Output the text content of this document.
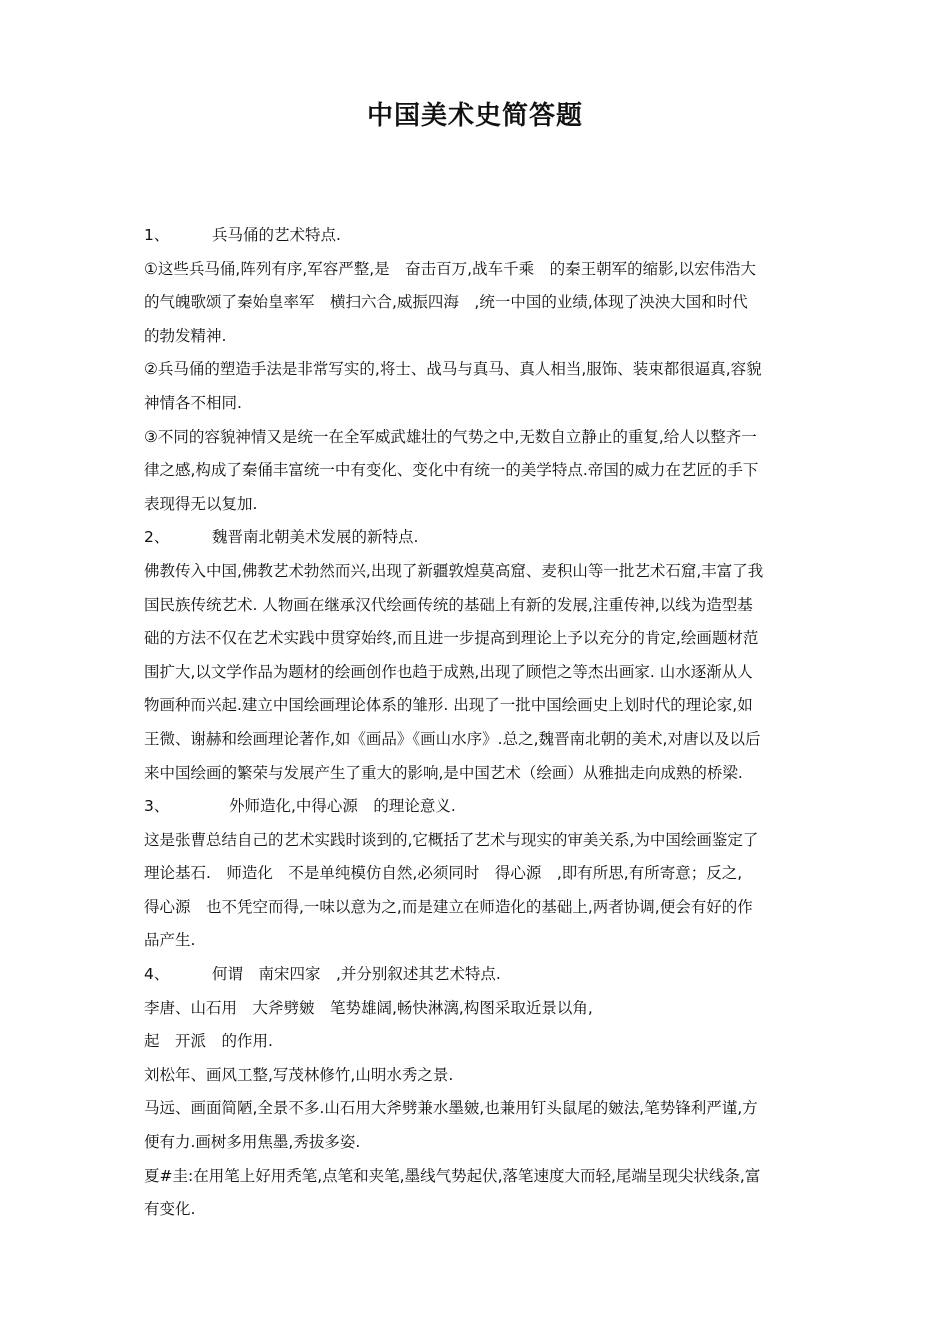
中国美术史简答题
1、	兵马俑的艺术特点.
①这些兵马俑,阵列有序,军容严整,是　奋击百万,战车千乘　的秦王朝军的缩影,以宏伟浩大
的气魄歌颂了秦始皇率军　横扫六合,威振四海　,统一中国的业绩,体现了泱泱大国和时代
的勃发精神.
②兵马俑的塑造手法是非常写实的,将士、战马与真马、真人相当,服饰、装束都很逼真,容貌
神情各不相同.
③不同的容貌神情又是统一在全军威武雄壮的气势之中,无数自立静止的重复,给人以整齐一
律之感,构成了秦俑丰富统一中有变化、变化中有统一的美学特点.帝国的威力在艺匠的手下
表现得无以复加.
2、	魏晋南北朝美术发展的新特点.
佛教传入中国,佛教艺术勃然而兴,出现了新疆敦煌莫高窟、麦积山等一批艺术石窟,丰富了我
国民族传统艺术. 人物画在继承汉代绘画传统的基础上有新的发展,注重传神,以线为造型基
础的方法不仅在艺术实践中贯穿始终,而且进一步提高到理论上予以充分的肯定,绘画题材范
围扩大,以文学作品为题材的绘画创作也趋于成熟,出现了顾恺之等杰出画家. 山水逐渐从人
物画种而兴起.建立中国绘画理论体系的雏形. 出现了一批中国绘画史上划时代的理论家,如
王微、谢赫和绘画理论著作,如《画品》《画山水序》.总之,魏晋南北朝的美术,对唐以及以后
来中国绘画的繁荣与发展产生了重大的影响,是中国艺术（绘画）从雅拙走向成熟的桥梁.
3、	外师造化,中得心源　的理论意义.
这是张曹总结自己的艺术实践时谈到的,它概括了艺术与现实的审美关系,为中国绘画鉴定了
理论基石.　师造化　不是单纯模仿自然,必须同时　得心源　,即有所思,有所寄意；反之,
得心源　也不凭空而得,一味以意为之,而是建立在师造化的基础上,两者协调,便会有好的作
品产生.
4、	何谓　南宋四家　,并分别叙述其艺术特点.
李唐、山石用　大斧劈皴　笔势雄阔,畅快淋漓,构图采取近景以角,
起　开派　的作用.
刘松年、画风工整,写茂林修竹,山明水秀之景.
马远、画面简陋,全景不多.山石用大斧劈兼水墨皴,也兼用钉头鼠尾的皴法,笔势锋利严谨,方
便有力.画树多用焦墨,秀拔多姿.
夏#圭:在用笔上好用秃笔,点笔和夹笔,墨线气势起伏,落笔速度大而轻,尾端呈现尖状线条,富
有变化.
